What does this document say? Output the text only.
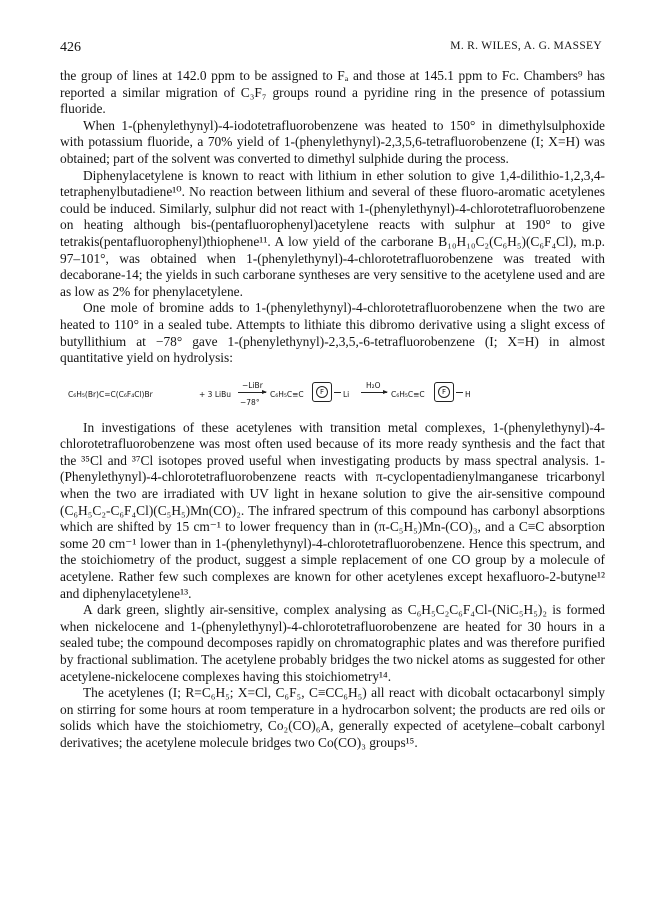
426	M. R. WILES, A. G. MASSEY

the group of lines at 142.0 ppm to be assigned to Fₐ and those at 145.1 ppm to Fᴄ. Chambers⁹ has reported a similar migration of C₃F₇ groups round a pyridine ring in the presence of potassium fluoride.

When 1-(phenylethynyl)-4-iodotetrafluorobenzene was heated to 150° in dimethylsulphoxide with potassium fluoride, a 70% yield of 1-(phenylethynyl)-2,3,5,6-tetrafluorobenzene (I; X=H) was obtained; part of the solvent was converted to dimethyl sulphide during the process.

Diphenylacetylene is known to react with lithium in ether solution to give 1,4-dilithio-1,2,3,4-tetraphenylbutadiene¹⁰. No reaction between lithium and several of these fluoro-aromatic acetylenes could be induced. Similarly, sulphur did not react with 1-(phenylethynyl)-4-chlorotetrafluorobenzene on heating although bis-(pentafluorophenyl)acetylene reacts with sulphur at 190° to give tetrakis(pentafluorophenyl)thiophene¹¹. A low yield of the carborane B₁₀H₁₀C₂(C₆H₅)(C₆F₄Cl), m.p. 97–101°, was obtained when 1-(phenylethynyl)-4-chlorotetrafluorobenzene was treated with decaborane-14; the yields in such carborane syntheses are very sensitive to the acetylene used and are as low as 2% for phenylacetylene.

One mole of bromine adds to 1-(phenylethynyl)-4-chlorotetrafluorobenzene when the two are heated to 110° in a sealed tube. Attempts to lithiate this dibromo derivative using a slight excess of butyllithium at −78° gave 1-(phenylethynyl)-2,3,5,-6-tetrafluorobenzene (I; X=H) in almost quantitative yield on hydrolysis:

C₆H₅(Br)C=C(C₆F₄Cl)Br	+ 3 LiBu
−LiBr
−78°
C₆H₅C≡C	F	Li
H₂O
→ C₆H₅C≡C	F	H

In investigations of these acetylenes with transition metal complexes, 1-(phenylethynyl)-4-chlorotetrafluorobenzene was most often used because of its more ready synthesis and the fact that the ³⁵Cl and ³⁷Cl isotopes proved useful when investigating products by mass spectral analysis. 1-(Phenylethynyl)-4-chlorotetrafluorobenzene reacts with π-cyclopentadienylmanganese tricarbonyl when the two are irradiated with UV light in hexane solution to give the air-sensitive compound (C₆H₅C₂-C₆F₄Cl)(C₅H₅)Mn(CO)₂. The infrared spectrum of this compound has carbonyl absorptions which are shifted by 15 cm⁻¹ to lower frequency than in (π-C₅H₅)Mn-(CO)₃, and a C≡C absorption some 20 cm⁻¹ lower than in 1-(phenylethynyl)-4-chlorotetrafluorobenzene. Hence this spectrum, and the stoichiometry of the product, suggest a simple replacement of one CO group by a molecule of acetylene. Rather few such complexes are known for other acetylenes except hexafluoro-2-butyne¹² and diphenylacetylene¹³.

A dark green, slightly air-sensitive, complex analysing as C₆H₅C₂C₆F₄Cl-(NiC₅H₅)₂ is formed when nickelocene and 1-(phenylethynyl)-4-chlorotetrafluorobenzene are heated for 30 hours in a sealed tube; the compound decomposes rapidly on chromatographic plates and was therefore purified by fractional sublimation. The acetylene probably bridges the two nickel atoms as suggested for other acetylene-nickelocene complexes having this stoichiometry¹⁴.

The acetylenes (I; R=C₆H₅; X=Cl, C₆F₅, C≡CC₆H₅) all react with dicobalt octacarbonyl simply on stirring for some hours at room temperature in a hydrocarbon solvent; the products are red oils or solids which have the stoichiometry, Co₂(CO)₆A, generally expected of acetylene–cobalt carbonyl derivatives; the acetylene molecule bridges two Co(CO)₃ groups¹⁵.
